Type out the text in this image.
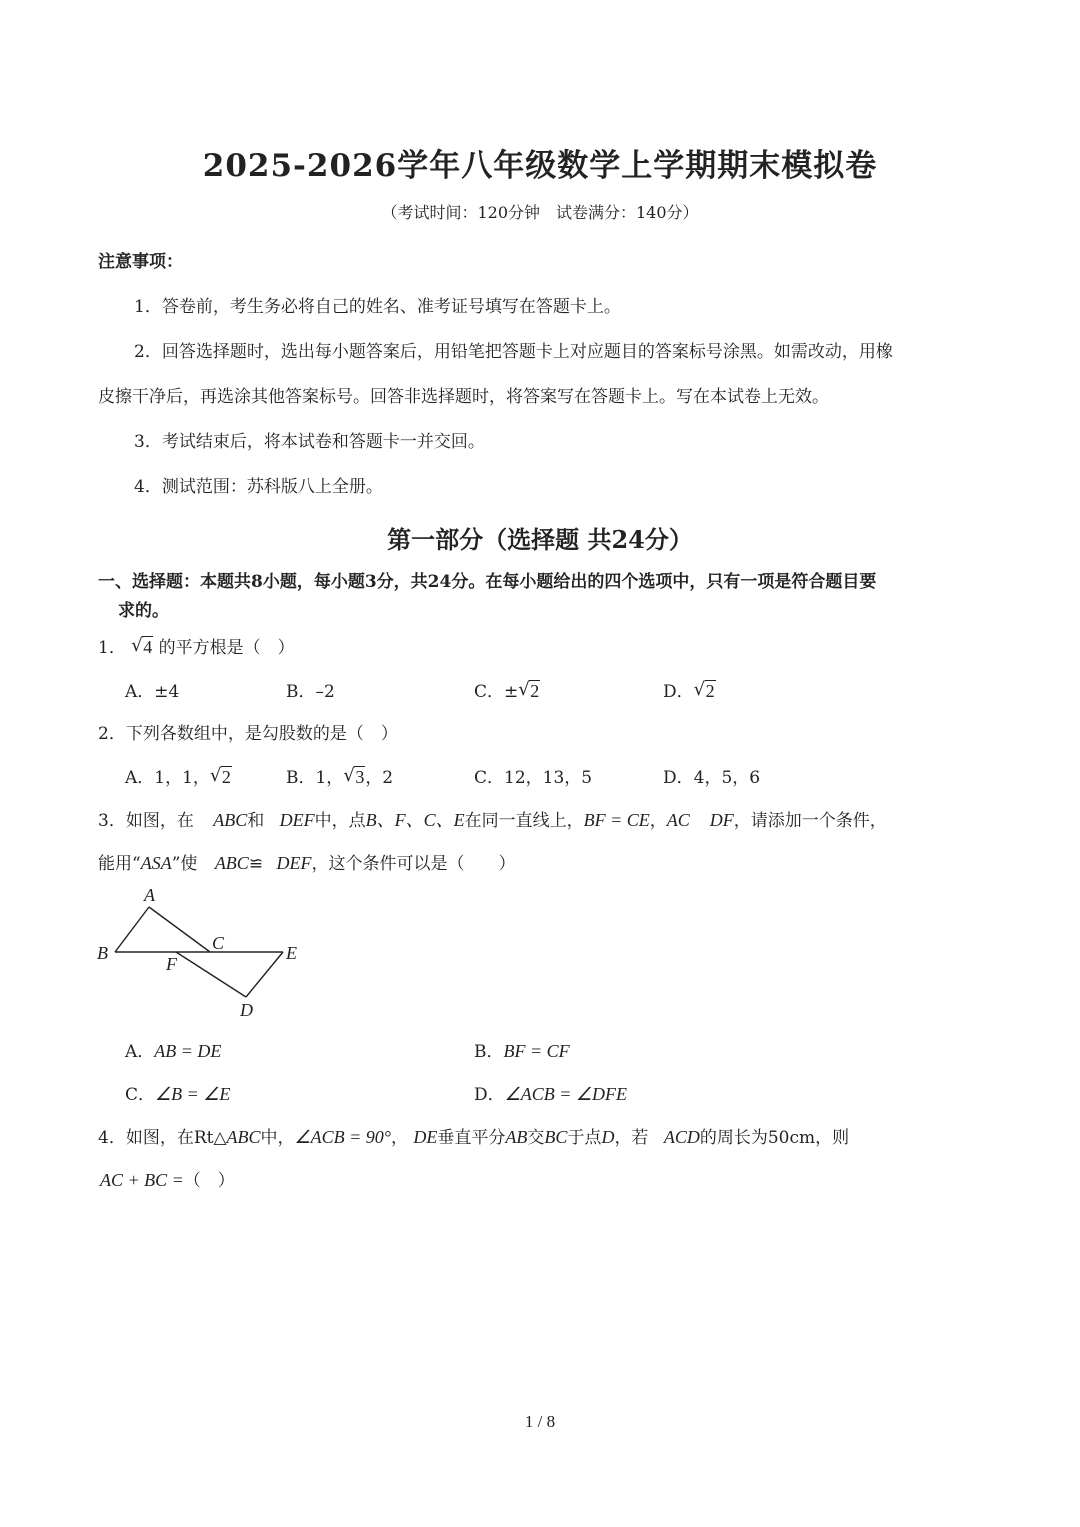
2025-2026学年八年级数学上学期期末模拟卷
（考试时间：120分钟　试卷满分：140分）
注意事项：
1．答卷前，考生务必将自己的姓名、准考证号填写在答题卡上。
2．回答选择题时，选出每小题答案后，用铅笔把答题卡上对应题目的答案标号涂黑。如需改动，用橡
皮擦干净后，再选涂其他答案标号。回答非选择题时，将答案写在答题卡上。写在本试卷上无效。
3．考试结束后，将本试卷和答题卡一并交回。
4．测试范围：苏科版八上全册。
第一部分（选择题 共24分）
一、选择题：本题共8小题，每小题3分，共24分。在每小题给出的四个选项中，只有一项是符合题目要
求的。
1． √ 4 的平方根是（　）
A．±4	B．–2	C．± √ 2	D． √ 2
2．下列各数组中，是勾股数的是（　）
A．1，1， √ 2	B．1， √ 3，2	C．12，13，5	D．4，5，6
3．如图，在 ABC和 DEF中，点B、F、C、E在同一直线上，BF = CE，AC DF，请添加一个条件，
能用“ASA”使 ABC≌ DEF，这个条件可以是（　　）
A
B	C	E
F
D
A．AB = DE	B．BF = CF
C．∠B = ∠E	D．∠ACB = ∠DFE
4．如图，在Rt△ABC中，∠ACB = 90°， DE垂直平分AB交BC于点D，若 ACD的周长为50cm，则
AC + BC =（　）
1 / 8
